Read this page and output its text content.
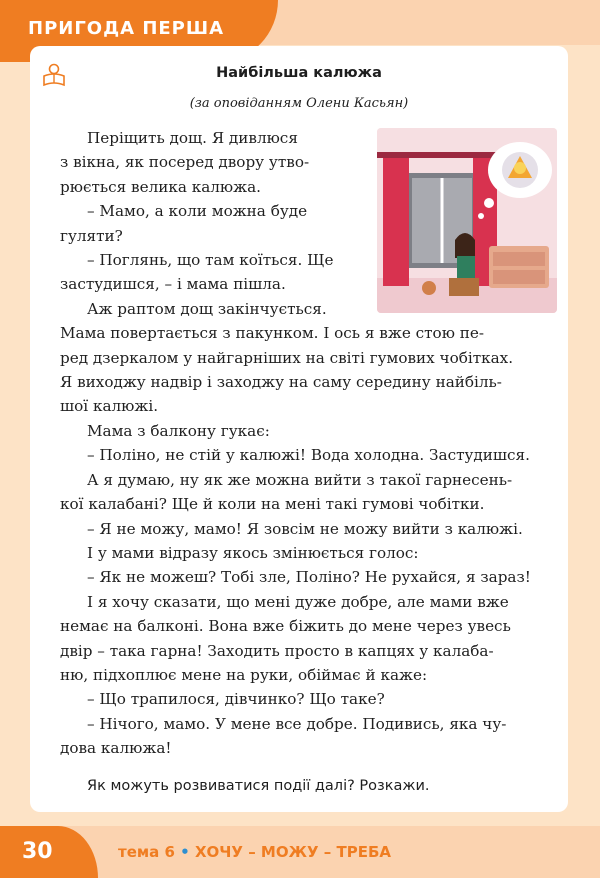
ПРИГОДА ПЕРША
Найбільша калюжа
(за оповіданням Олени Касьян)

Періщить дощ. Я дивлюся
з вікна, як посеред двору утво-
рюється велика калюжа.

– Мамо, а коли можна буде
гуляти?

– Поглянь, що там коїться. Ще
застудишся, – і мама пішла.

Аж раптом дощ закінчується.

Мама повертається з пакунком. І ось я вже стою пе-
ред дзеркалом у найгарніших на світі гумових чобітках.
Я виходжу надвір і заходжу на саму середину найбіль-
шої калюжі.

Мама з балкону гукає:

– Поліно, не стій у калюжі! Вода холодна. Застудишся.

А я думаю, ну як же можна вийти з такої гарнесень-
кої калабані? Ще й коли на мені такі гумові чобітки.

– Я не можу, мамо! Я зовсім не можу вийти з калюжі.

І у мами відразу якось змінюється голос:

– Як не можеш? Тобі зле, Поліно? Не рухайся, я зараз!

І я хочу сказати, що мені дуже добре, але мами вже
немає на балконі. Вона вже біжить до мене через увесь
двір – така гарна! Заходить просто в капцях у калаба-
ню, підхоплює мене на руки, обіймає й каже:

– Що трапилося, дівчинко? Що таке?

– Нічого, мамо. У мене все добре. Подивись, яка чу-
дова калюжа!

Як можуть розвиватися події далі? Розкажи.
30	тема 6 • ХОЧУ – МОЖУ – ТРЕБА
